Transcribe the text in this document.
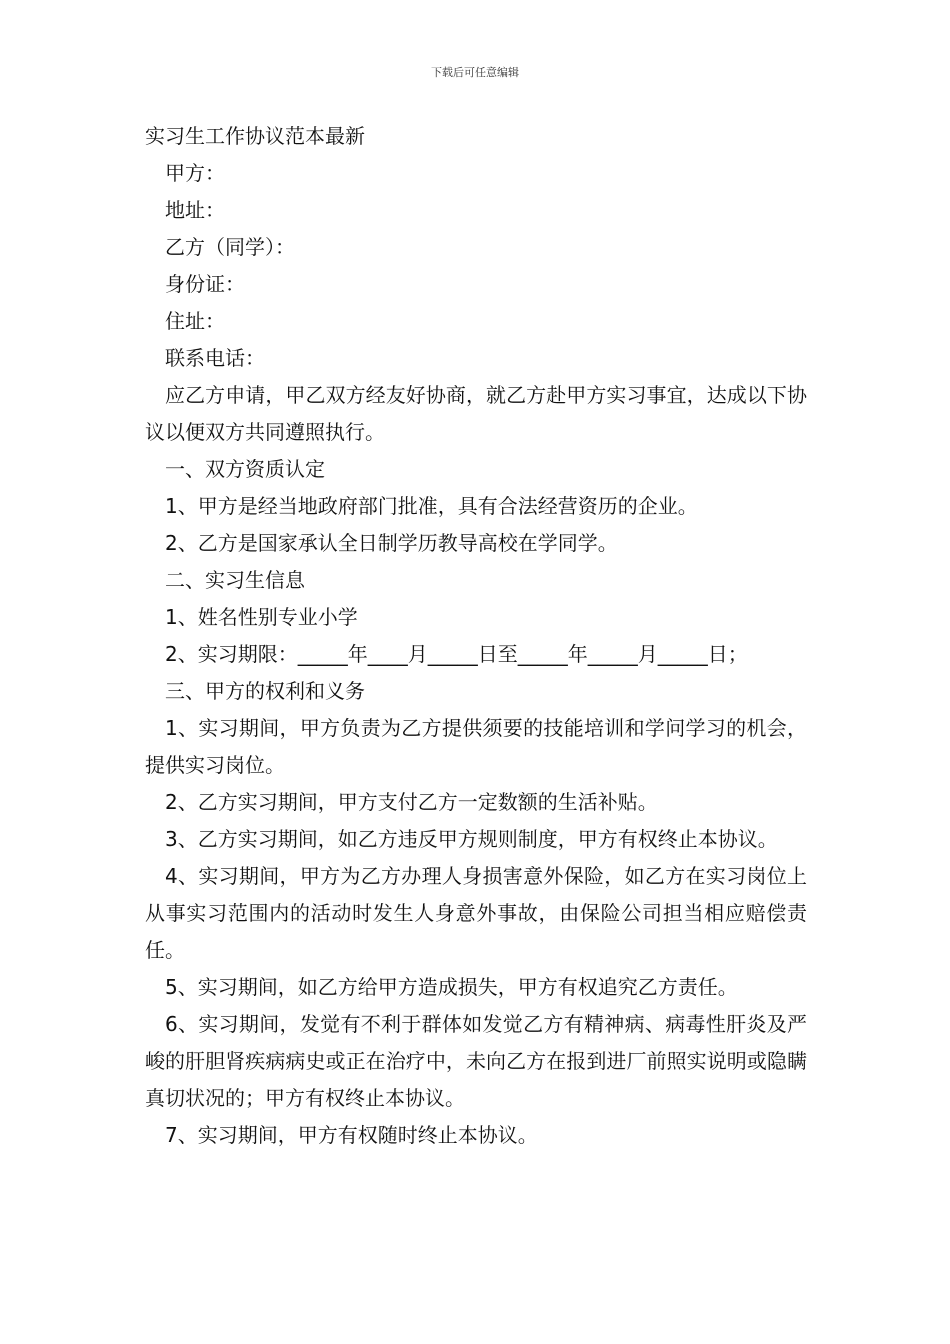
下载后可任意编辑
实习生工作协议范本最新
甲方：
地址：
乙方（同学）：
身份证：
住址：
联系电话：
应乙方申请，甲乙双方经友好协商，就乙方赴甲方实习事宜，达成以下协议以便双方共同遵照执行。
一、双方资质认定
1、甲方是经当地政府部门批准，具有合法经营资历的企业。
2、乙方是国家承认全日制学历教导高校在学同学。
二、实习生信息
1、姓名性别专业小学
2、实习期限：_____年____月_____日至_____年_____月_____日；
三、甲方的权利和义务
1、实习期间，甲方负责为乙方提供须要的技能培训和学问学习的机会，提供实习岗位。
2、乙方实习期间，甲方支付乙方一定数额的生活补贴。
3、乙方实习期间，如乙方违反甲方规则制度，甲方有权终止本协议。
4、实习期间，甲方为乙方办理人身损害意外保险，如乙方在实习岗位上从事实习范围内的活动时发生人身意外事故，由保险公司担当相应赔偿责任。
5、实习期间，如乙方给甲方造成损失，甲方有权追究乙方责任。
6、实习期间，发觉有不利于群体如发觉乙方有精神病、病毒性肝炎及严峻的肝胆肾疾病病史或正在治疗中，未向乙方在报到进厂前照实说明或隐瞒真切状况的；甲方有权终止本协议。
7、实习期间，甲方有权随时终止本协议。
